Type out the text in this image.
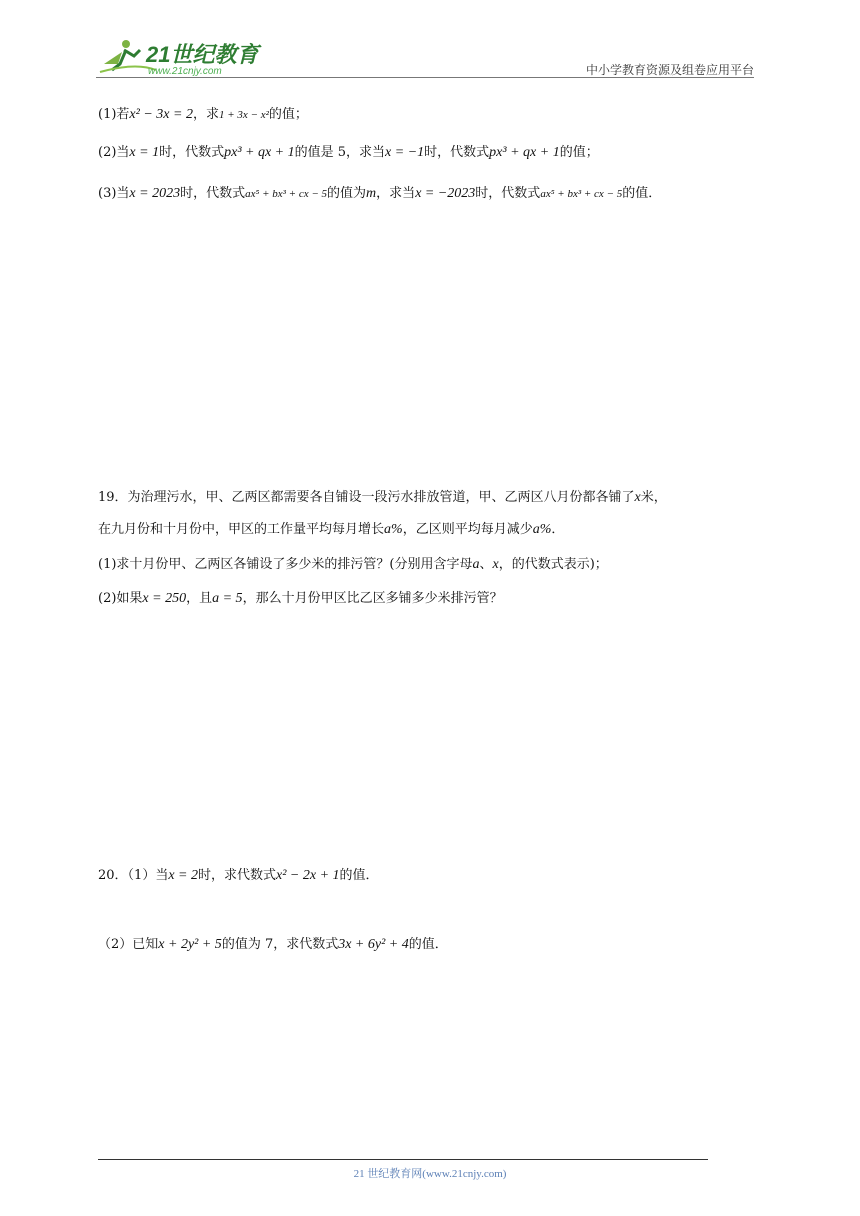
21世纪教育
www.21cnjy.com	中小学教育资源及组卷应用平台
(1)若x² − 3x = 2，求1 + 3x − x²的值；
(2)当x = 1时，代数式px³ + qx + 1的值是 5，求当x = −1时，代数式px³ + qx + 1的值；
(3)当x = 2023时，代数式ax⁵ + bx³ + cx − 5的值为m，求当x = −2023时，代数式ax⁵ + bx³ + cx − 5的值．
19．为治理污水，甲、乙两区都需要各自铺设一段污水排放管道，甲、乙两区八月份都各铺了x米，
在九月份和十月份中，甲区的工作量平均每月增长a%，乙区则平均每月减少a%．
(1)求十月份甲、乙两区各铺设了多少米的排污管？(分别用含字母a、x，的代数式表示)；
(2)如果x = 250，且a = 5，那么十月份甲区比乙区多铺多少米排污管？
20．（1）当x = 2时，求代数式x² − 2x + 1的值．
（2）已知x + 2y² + 5的值为 7，求代数式3x + 6y² + 4的值．
21 世纪教育网(www.21cnjy.com)
